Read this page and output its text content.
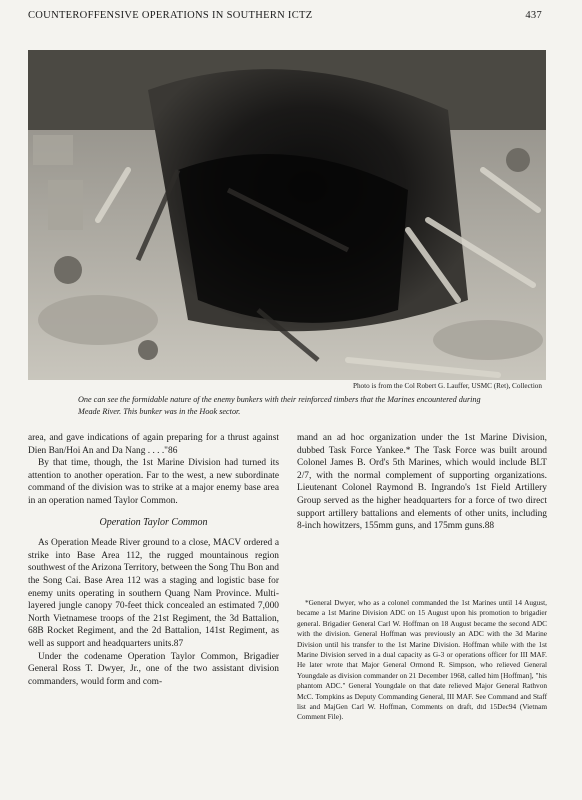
COUNTEROFFENSIVE OPERATIONS IN SOUTHERN ICTZ	437
Photo is from the Col Robert G. Lauffer, USMC (Ret), Collection
One can see the formidable nature of the enemy bunkers with their reinforced timbers that the Marines encountered during Meade River. This bunker was in the Hook sector.

area, and gave indications of again preparing for a thrust against Dien Ban/Hoi An and Da Nang . . . ."86

By that time, though, the 1st Marine Division had turned its attention to another operation. Far to the west, a new subordinate command of the division was to strike at a major enemy base area in an operation named Taylor Common.

Operation Taylor Common

As Operation Meade River ground to a close, MACV ordered a strike into Base Area 112, the rugged mountainous region southwest of the Arizona Territory, between the Song Thu Bon and the Song Cai. Base Area 112 was a staging and logistic base for enemy units operating in southern Quang Nam Province. Multi-layered jungle canopy 70-feet thick concealed an estimated 7,000 North Vietnamese troops of the 21st Regiment, the 3d Battalion, 68B Rocket Regiment, and the 2d Battalion, 141st Regiment, as well as support and headquarters units.87

Under the codename Operation Taylor Common, Brigadier General Ross T. Dwyer, Jr., one of the two assistant division commanders, would form and com-

mand an ad hoc organization under the 1st Marine Division, dubbed Task Force Yankee.* The Task Force was built around Colonel James B. Ord's 5th Marines, which would include BLT 2/7, with the normal complement of supporting organizations. Lieutenant Colonel Raymond B. Ingrando's 1st Field Artillery Group served as the higher headquarters for a force of two direct support artillery battalions and elements of other units, including 8-inch howitzers, 155mm guns, and 175mm guns.88

*General Dwyer, who as a colonel commanded the 1st Marines until 14 August, became a 1st Marine Division ADC on 15 August upon his promotion to brigadier general. Brigadier General Carl W. Hoffman on 18 August became the second ADC with the division. General Hoffman was previously an ADC with the 3d Marine Division until his transfer to the 1st Marine Division. Hoffman while with the 1st Marine Division served in a dual capacity as G-3 or operations officer for III MAF. He later wrote that Major General Ormond R. Simpson, who relieved General Youngdale as division commander on 21 December 1968, called him [Hoffman], "his phantom ADC." General Youngdale on that date relieved Major General Rathvon McC. Tompkins as Deputy Commanding General, III MAF. See Command and Staff list and MajGen Carl W. Hoffman, Comments on draft, dtd 15Dec94 (Vietnam Comment File).
